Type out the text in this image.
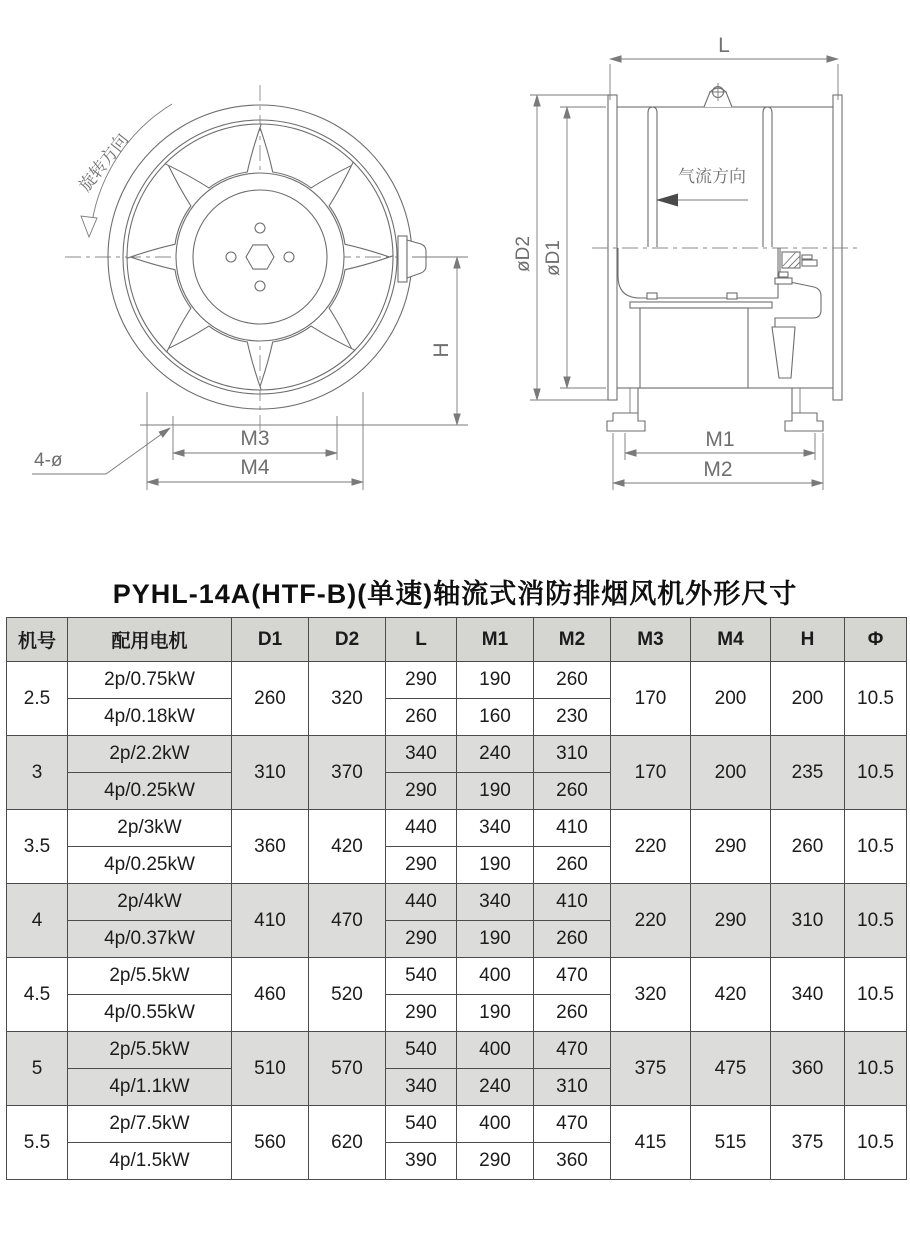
旋转方向
H
M3
M4
4-ø
气流方向
L
øD2 øD1
M1
M2
PYHL-14A(HTF-B)(单速)轴流式消防排烟风机外形尺寸
机号	配用电机	D1	D2	L	M1	M2	M3	M4	H	Φ
2.5	2p/0.75kW	260	320	290	190	260	170	200	200	10.5
	4p/0.18kW			260	160	230				
3	2p/2.2kW	310	370	340	240	310	170	200	235	10.5
	4p/0.25kW			290	190	260				
3.5	2p/3kW	360	420	440	340	410	220	290	260	10.5
	4p/0.25kW			290	190	260				
4	2p/4kW	410	470	440	340	410	220	290	310	10.5
	4p/0.37kW			290	190	260				
4.5	2p/5.5kW	460	520	540	400	470	320	420	340	10.5
	4p/0.55kW			290	190	260				
5	2p/5.5kW	510	570	540	400	470	375	475	360	10.5
	4p/1.1kW			340	240	310				
5.5	2p/7.5kW	560	620	540	400	470	415	515	375	10.5
	4p/1.5kW			390	290	360				
